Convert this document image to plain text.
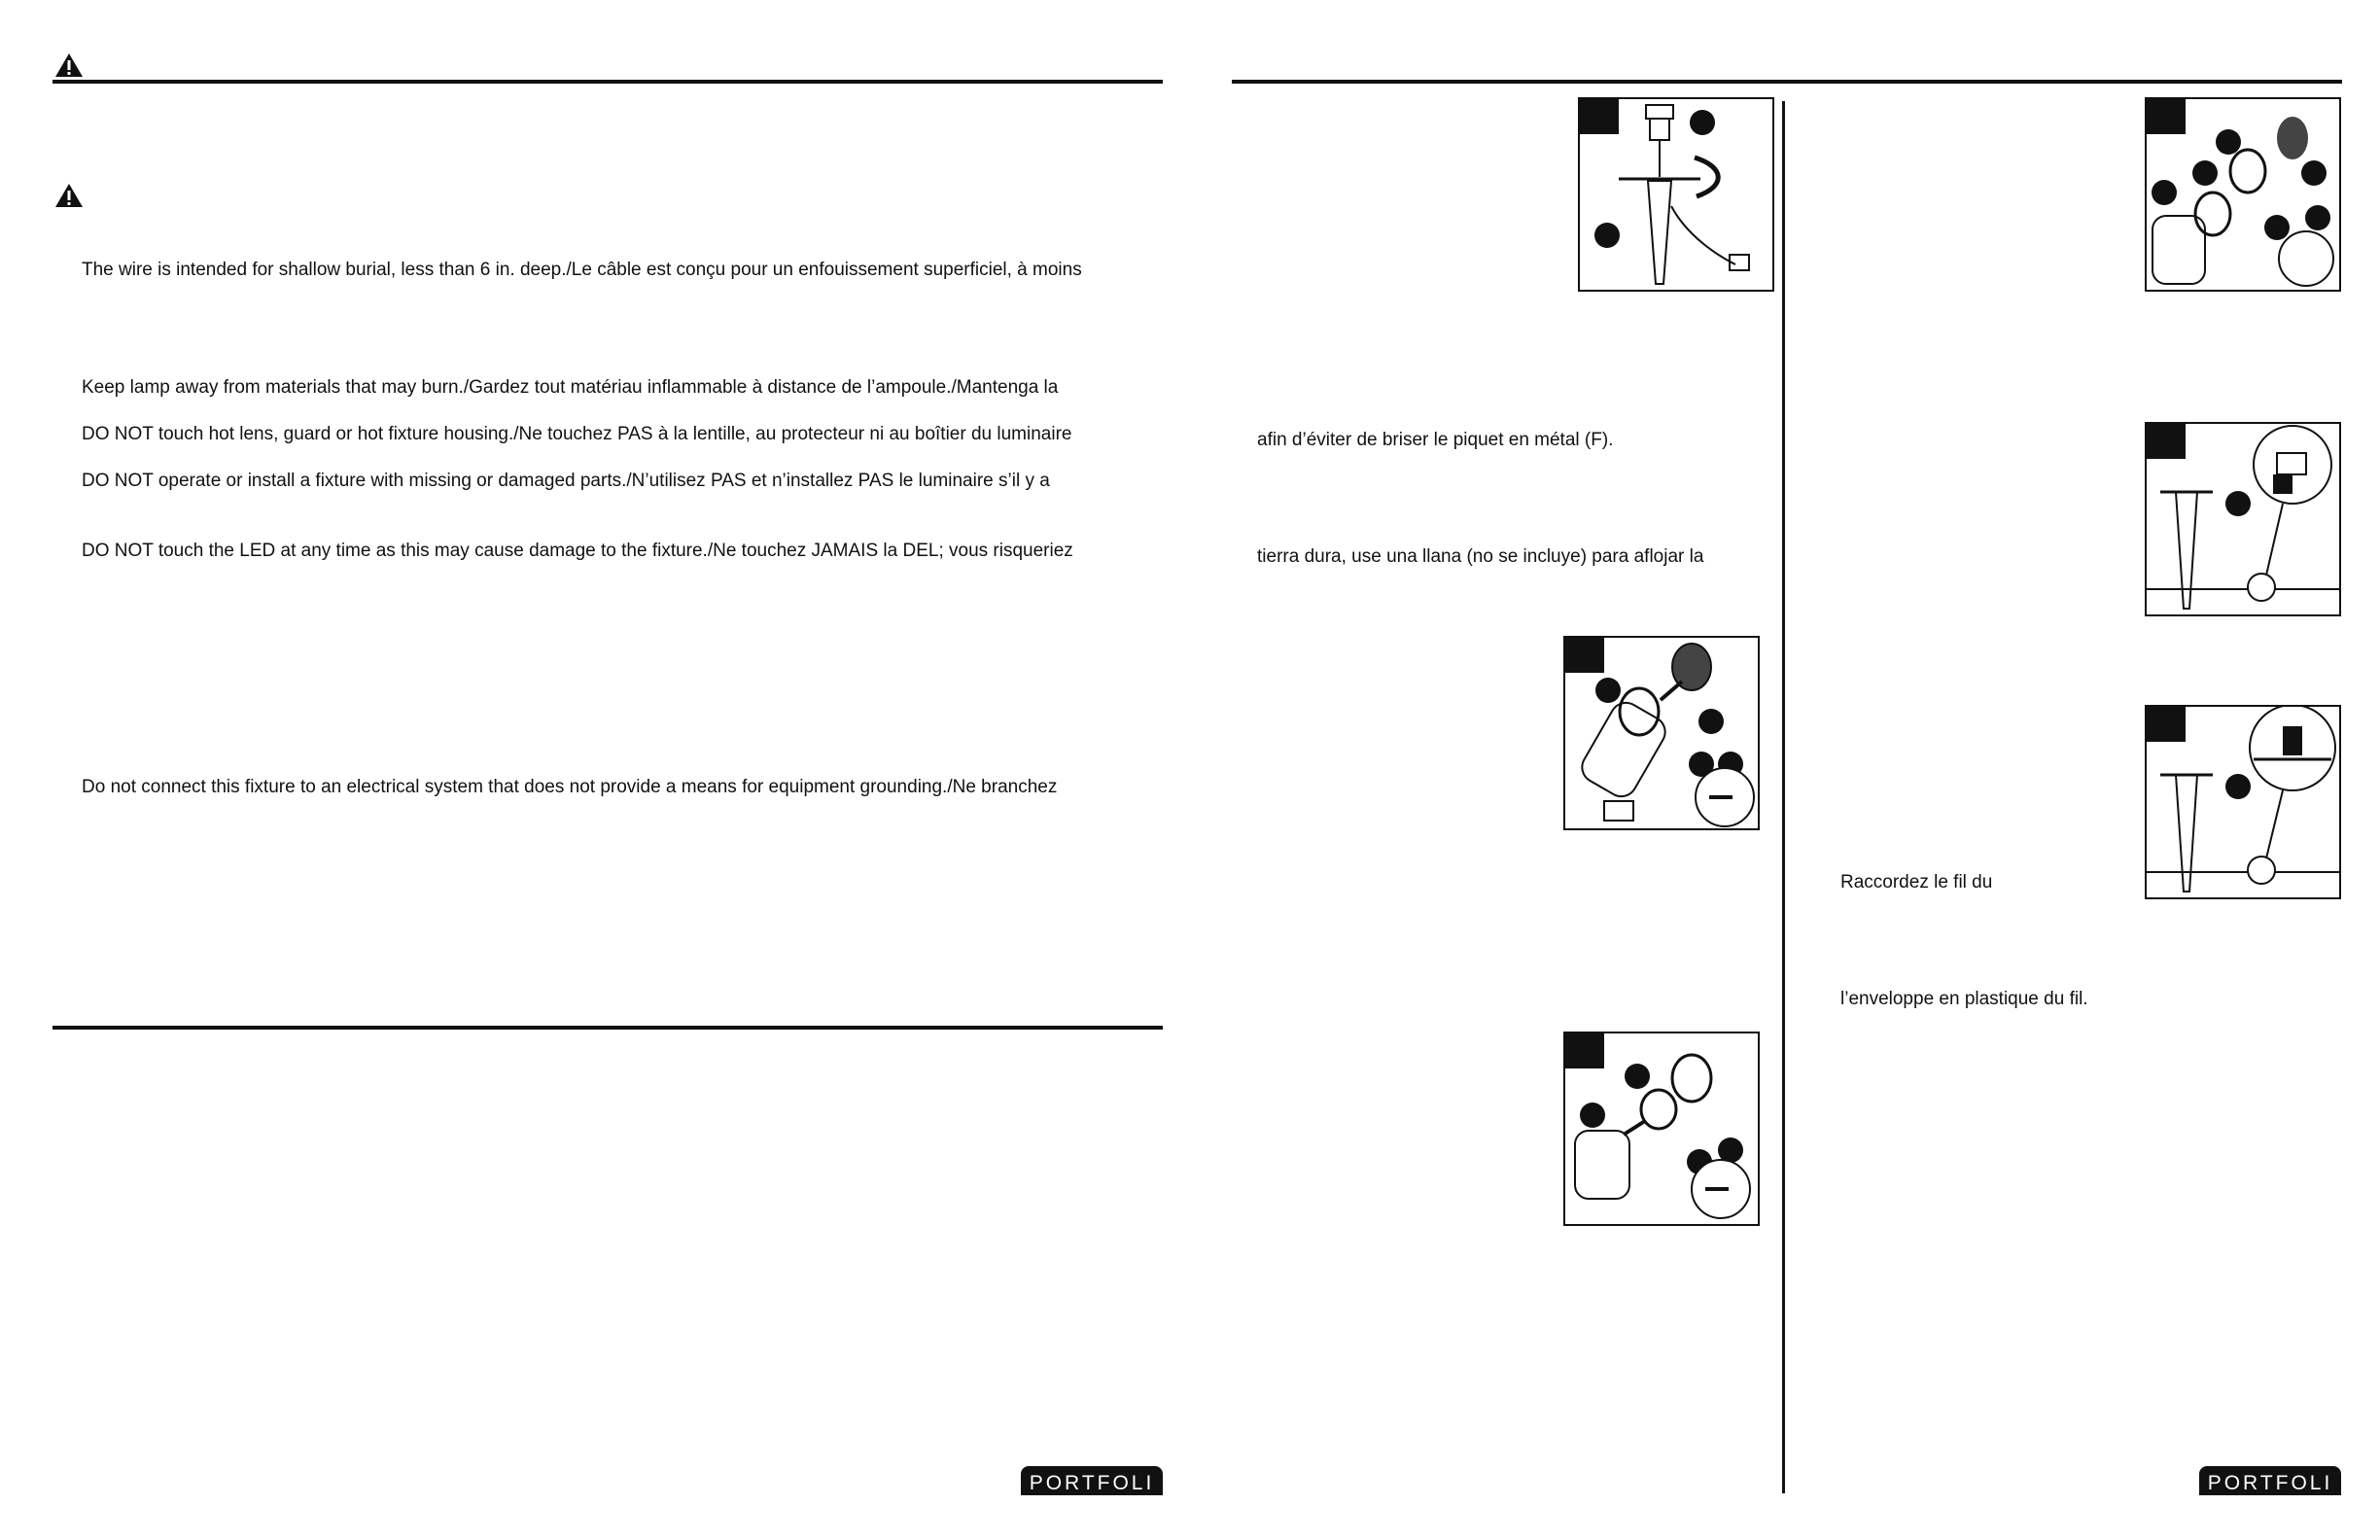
The wire is intended for shallow burial, less than 6 in. deep./Le câble est conçu pour un enfouissement superficiel, à moins
Keep lamp away from materials that may burn./Gardez tout matériau inflammable à distance de l’ampoule./Mantenga la
DO NOT touch hot lens, guard or hot fixture housing./Ne touchez PAS à la lentille, au protecteur ni au boîtier du luminaire
DO NOT operate or install a fixture with missing or damaged parts./N’utilisez PAS et n’installez PAS le luminaire s’il y a
DO NOT touch the LED at any time as this may cause damage to the fixture./Ne touchez JAMAIS la DEL; vous risqueriez
Do not connect this fixture to an electrical system that does not provide a means for equipment grounding./Ne branchez
PORTFOLI
afin d’éviter de briser le piquet en métal (F).
tierra dura, use una llana (no se incluye) para aflojar la
Raccordez le fil du
l’enveloppe en plastique du fil.
PORTFOLI
